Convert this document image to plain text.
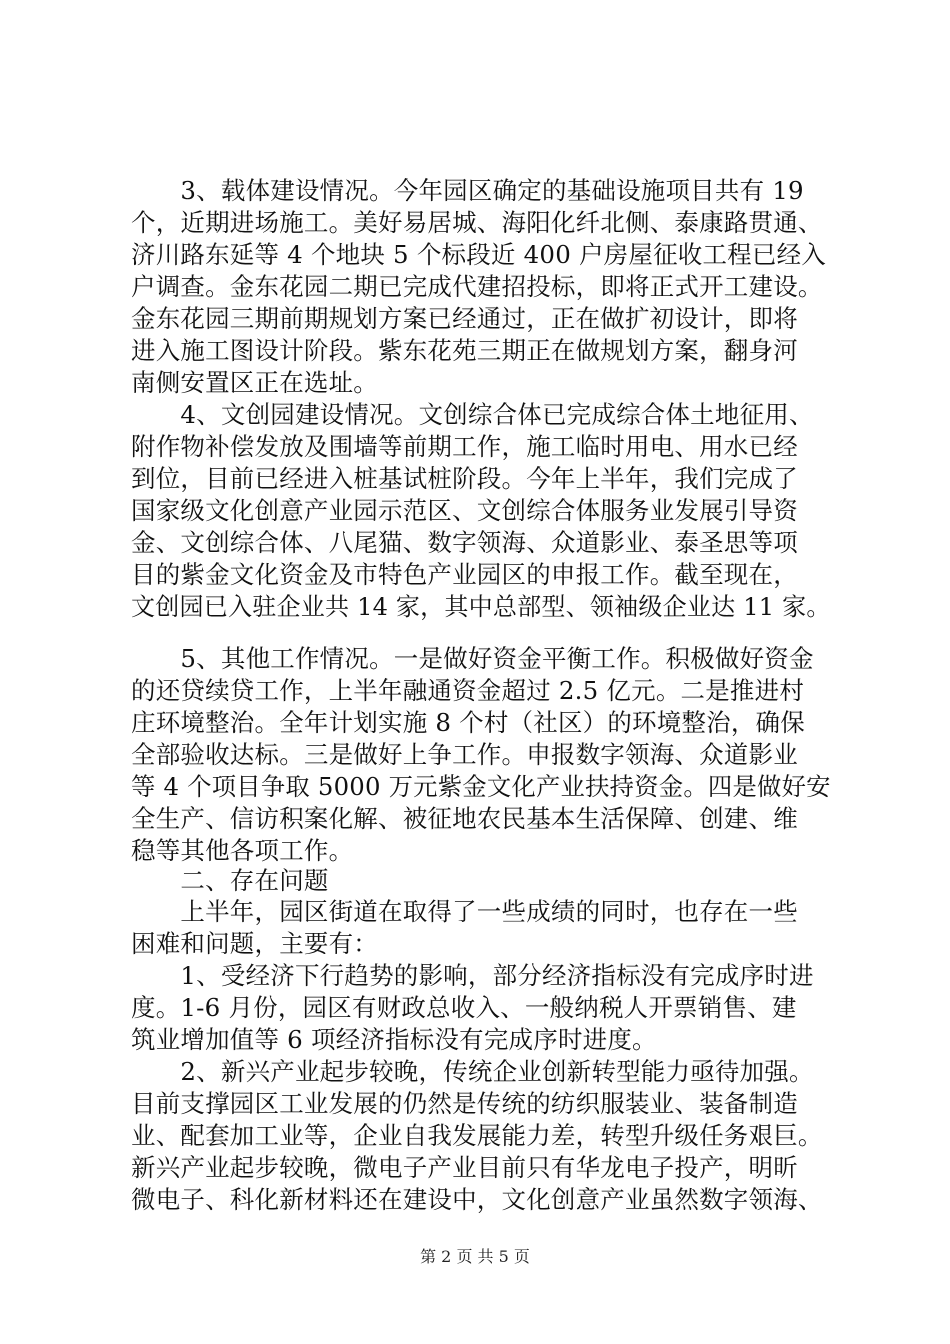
　　3、载体建设情况。今年园区确定的基础设施项目共有 19
个，近期进场施工。美好易居城、海阳化纤北侧、泰康路贯通、
济川路东延等 4 个地块 5 个标段近 400 户房屋征收工程已经入
户调查。金东花园二期已完成代建招投标，即将正式开工建设。
金东花园三期前期规划方案已经通过，正在做扩初设计，即将
进入施工图设计阶段。紫东花苑三期正在做规划方案，翻身河
南侧安置区正在选址。
　　4、文创园建设情况。文创综合体已完成综合体土地征用、
附作物补偿发放及围墙等前期工作，施工临时用电、用水已经
到位，目前已经进入桩基试桩阶段。今年上半年，我们完成了
国家级文化创意产业园示范区、文创综合体服务业发展引导资
金、文创综合体、八尾猫、数字领海、众道影业、泰圣思等项
目的紫金文化资金及市特色产业园区的申报工作。截至现在，
文创园已入驻企业共 14 家，其中总部型、领袖级企业达 11 家。
　　5、其他工作情况。一是做好资金平衡工作。积极做好资金
的还贷续贷工作，上半年融通资金超过 2.5 亿元。二是推进村
庄环境整治。全年计划实施 8 个村（社区）的环境整治，确保
全部验收达标。三是做好上争工作。申报数字领海、众道影业
等 4 个项目争取 5000 万元紫金文化产业扶持资金。四是做好安
全生产、信访积案化解、被征地农民基本生活保障、创建、维
稳等其他各项工作。
　　二、存在问题
　　上半年，园区街道在取得了一些成绩的同时，也存在一些
困难和问题，主要有：
　　1、受经济下行趋势的影响，部分经济指标没有完成序时进
度。1-6 月份，园区有财政总收入、一般纳税人开票销售、建
筑业增加值等 6 项经济指标没有完成序时进度。
　　2、新兴产业起步较晚，传统企业创新转型能力亟待加强。
目前支撑园区工业发展的仍然是传统的纺织服装业、装备制造
业、配套加工业等，企业自我发展能力差，转型升级任务艰巨。
新兴产业起步较晚，微电子产业目前只有华龙电子投产，明昕
微电子、科化新材料还在建设中，文化创意产业虽然数字领海、
第 2 页 共 5 页
